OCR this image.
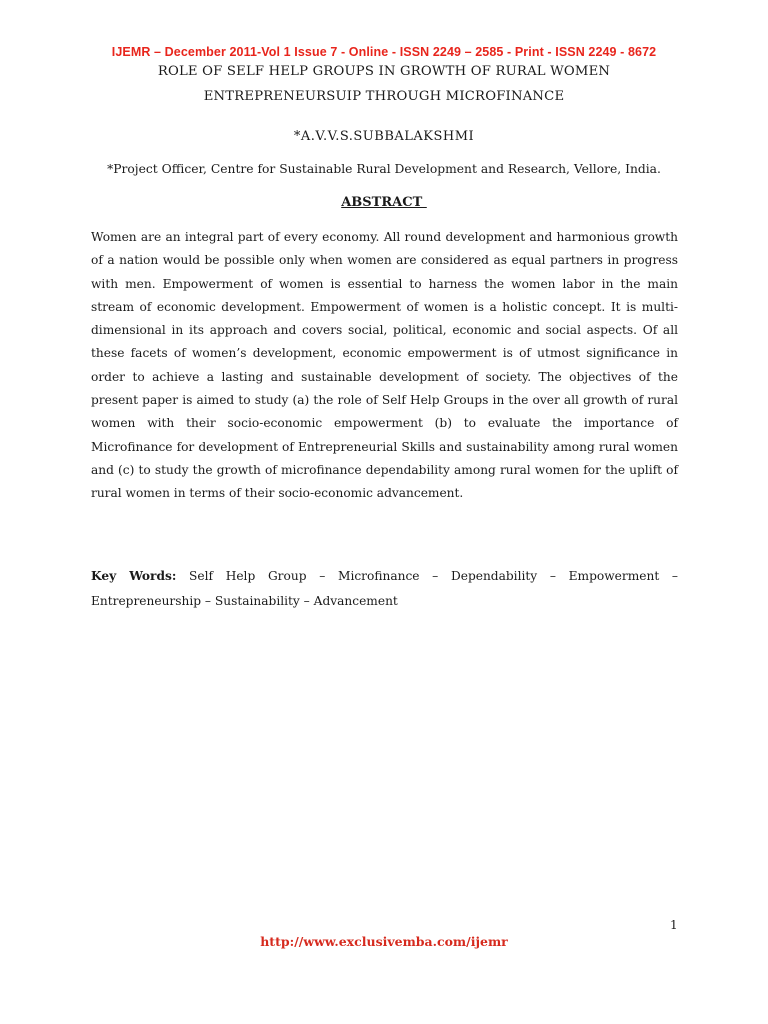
IJEMR – December 2011-Vol 1 Issue 7 - Online - ISSN 2249 – 2585 - Print - ISSN 2249 - 8672
ROLE OF SELF HELP GROUPS IN GROWTH OF RURAL WOMEN
ENTREPRENEURSUIP THROUGH MICROFINANCE
*A.V.V.S.SUBBALAKSHMI
*Project Officer, Centre for Sustainable Rural Development and Research, Vellore, India.
ABSTRACT

Women are an integral part of every economy. All round development and harmonious growth of a nation would be possible only when women are considered as equal partners in progress with men. Empowerment of women is essential to harness the women labor in the main stream of economic development. Empowerment of women is a holistic concept. It is multi-dimensional in its approach and covers social, political, economic and social aspects. Of all these facets of women’s development, economic empowerment is of utmost significance in order to achieve a lasting and sustainable development of society. The objectives of the present paper is aimed to study (a) the role of Self Help Groups in the over all growth of rural women with their socio-economic empowerment (b) to evaluate the importance of Microfinance for development of Entrepreneurial Skills and sustainability among rural women and (c) to study the growth of microfinance dependability among rural women for the uplift of rural women in terms of their socio-economic advancement.

Key Words: Self Help Group – Microfinance – Dependability – Empowerment – Entrepreneurship – Sustainability – Advancement

1
http://www.exclusivemba.com/ijemr
